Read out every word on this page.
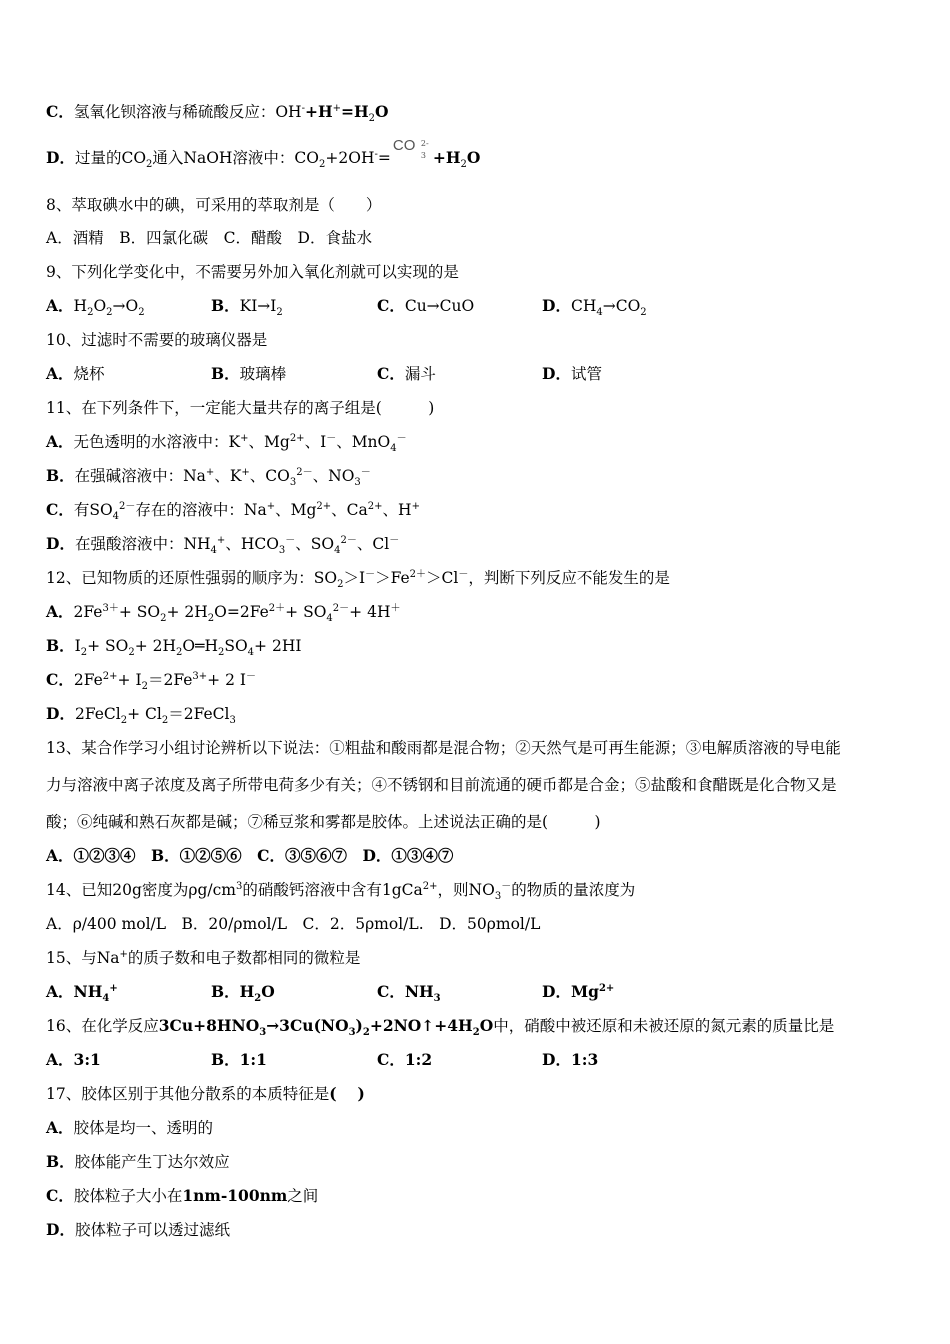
C．氢氧化钡溶液与稀硫酸反应：$OH^-+H^+=H_2O$
D．过量的$CO_2$通入NaOH溶液中：$CO_2+2OH^-=$
CO 2-
$3 +H_2O$
8、萃取碘水中的碘，可采用的萃取剂是（　　）
A．酒精　 B．四氯化碳　 C．醋酸　 D．食盐水
9、下列化学变化中，不需要另外加入氧化剂就可以实现的是
A．$H_2O_2\to O_2$	B．$KI\to I_2$	C．Cu→CuO	D．$CH_4\to CO_2$
10、过滤时不需要的玻璃仪器是
A．烧杯	B．玻璃棒	C．漏斗	D．试管
11、在下列条件下，一定能大量共存的离子组是(　　　)
A．无色透明的水溶液中：K+、$Mg^{2+}$、I－、MnO$_4$－
B．在强碱溶液中：Na+、K+、$CO_3^{2-}$、$NO_3^-$
C．有$SO_4^{2-}$存在的溶液中：Na+、$Mg^{2+}$、$Ca^{2+}$、H+
D．在强酸溶液中：$NH_4^+$、$HCO_3^-$、$SO_4^{2-}$、Cl－
12、已知物质的还原性强弱的顺序为：$SO_2>I^->Fe^{2+}>Cl^-$，判断下列反应不能发生的是
A．$2Fe^{3+}+ SO_2+ 2H_2O=2Fe^{2+}+ SO_4^{2-}+ 4H^+$
B．$I_2+ SO_2+$ $2H_2O═H_2SO_4+ 2HI$
C．$2Fe^{2+}+ I_2=2Fe^{3+}+ 2$ I－
D．2FeCl$_2$+ $Cl_2=2FeCl_3$
13、某合作学习小组讨论辨析以下说法：①粗盐和酸雨都是混合物；②天然气是可再生能源；③电解质溶液的导电能
力与溶液中离子浓度及离子所带电荷多少有关；④不锈钢和目前流通的硬币都是合金；⑤盐酸和食醋既是化合物又是
酸；⑥纯碱和熟石灰都是碱；⑦稀豆浆和雾都是胶体。上述说法正确的是(　　　)
A．①②③④　B．①②⑤⑥　C．③⑤⑥⑦　D．①③④⑦
14、已知20g密度为$\rho g/cm^3$的硝酸钙溶液中含有1gCa$^{2+}$，则$NO_3^-$的物质的量浓度为
A．ρ/400 mol/L　B．20/ρmol/L　C．2．5ρmol/L.　D．50ρmol/L
15、与Na+的质子数和电子数都相同的微粒是
A．$NH_4^+$	B．$H_2O$	C．$NH_3$	D．$Mg^{2+}$
16、在化学反应$3Cu+8HNO_3\to 3Cu(NO_3)_2+2NO↑+4H_2O$中，硝酸中被还原和未被还原的氮元素的质量比是
A．3:1	B．1:1	C．1:2	D．1:3
17、胶体区别于其他分散系的本质特征是(　 )
A．胶体是均一、透明的
B．胶体能产生丁达尔效应
C．胶体粒子大小在1nm-100nm之间
D．胶体粒子可以透过滤纸
